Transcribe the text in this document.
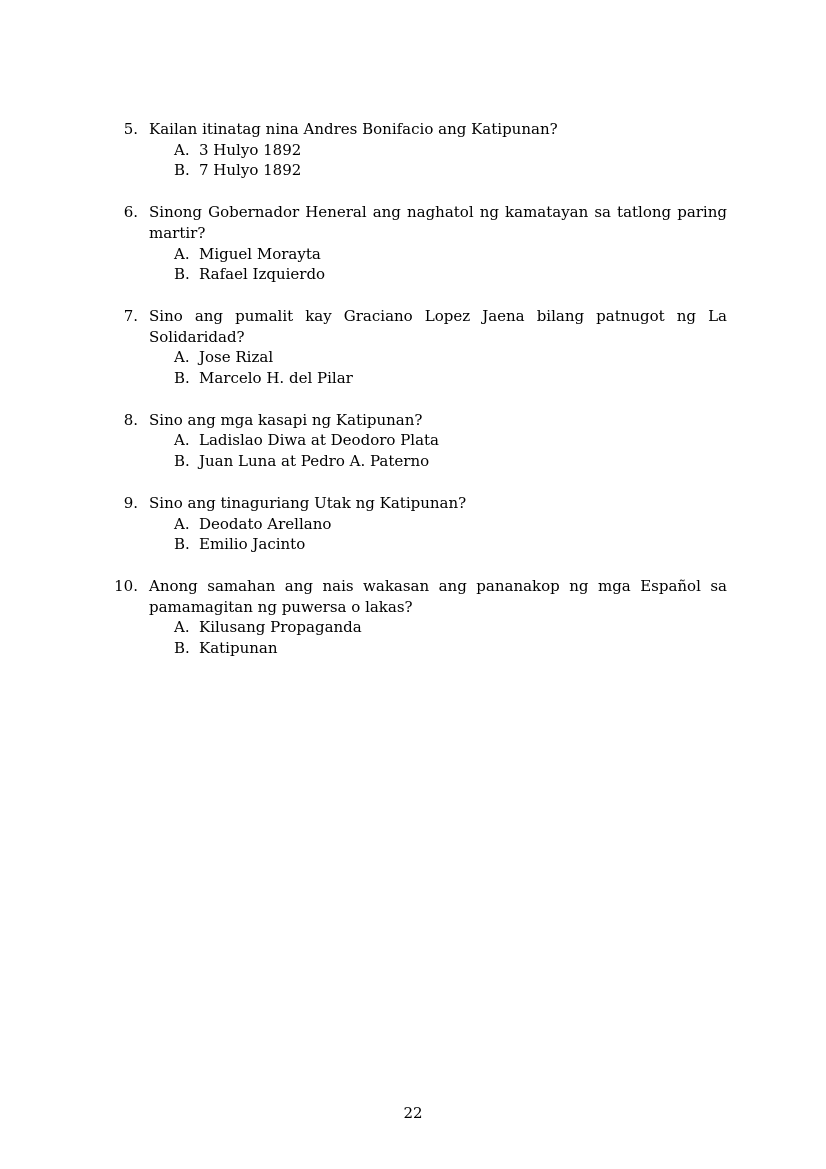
5. Kailan itinatag nina Andres Bonifacio ang Katipunan?
A. 3 Hulyo 1892
B. 7 Hulyo 1892
6. Sinong Gobernador Heneral ang naghatol ng kamatayan sa tatlong paring martir?
A. Miguel Morayta
B. Rafael Izquierdo
7. Sino ang pumalit kay Graciano Lopez Jaena bilang patnugot ng La Solidaridad?
A. Jose Rizal
B. Marcelo H. del Pilar
8. Sino ang mga kasapi ng Katipunan?
A. Ladislao Diwa at Deodoro Plata
B. Juan Luna at Pedro A. Paterno
9. Sino ang tinaguriang Utak ng Katipunan?
A. Deodato Arellano
B. Emilio Jacinto
10. Anong samahan ang nais wakasan ang pananakop ng mga Español sa pamamagitan ng puwersa o lakas?
A. Kilusang Propaganda
B. Katipunan
22
